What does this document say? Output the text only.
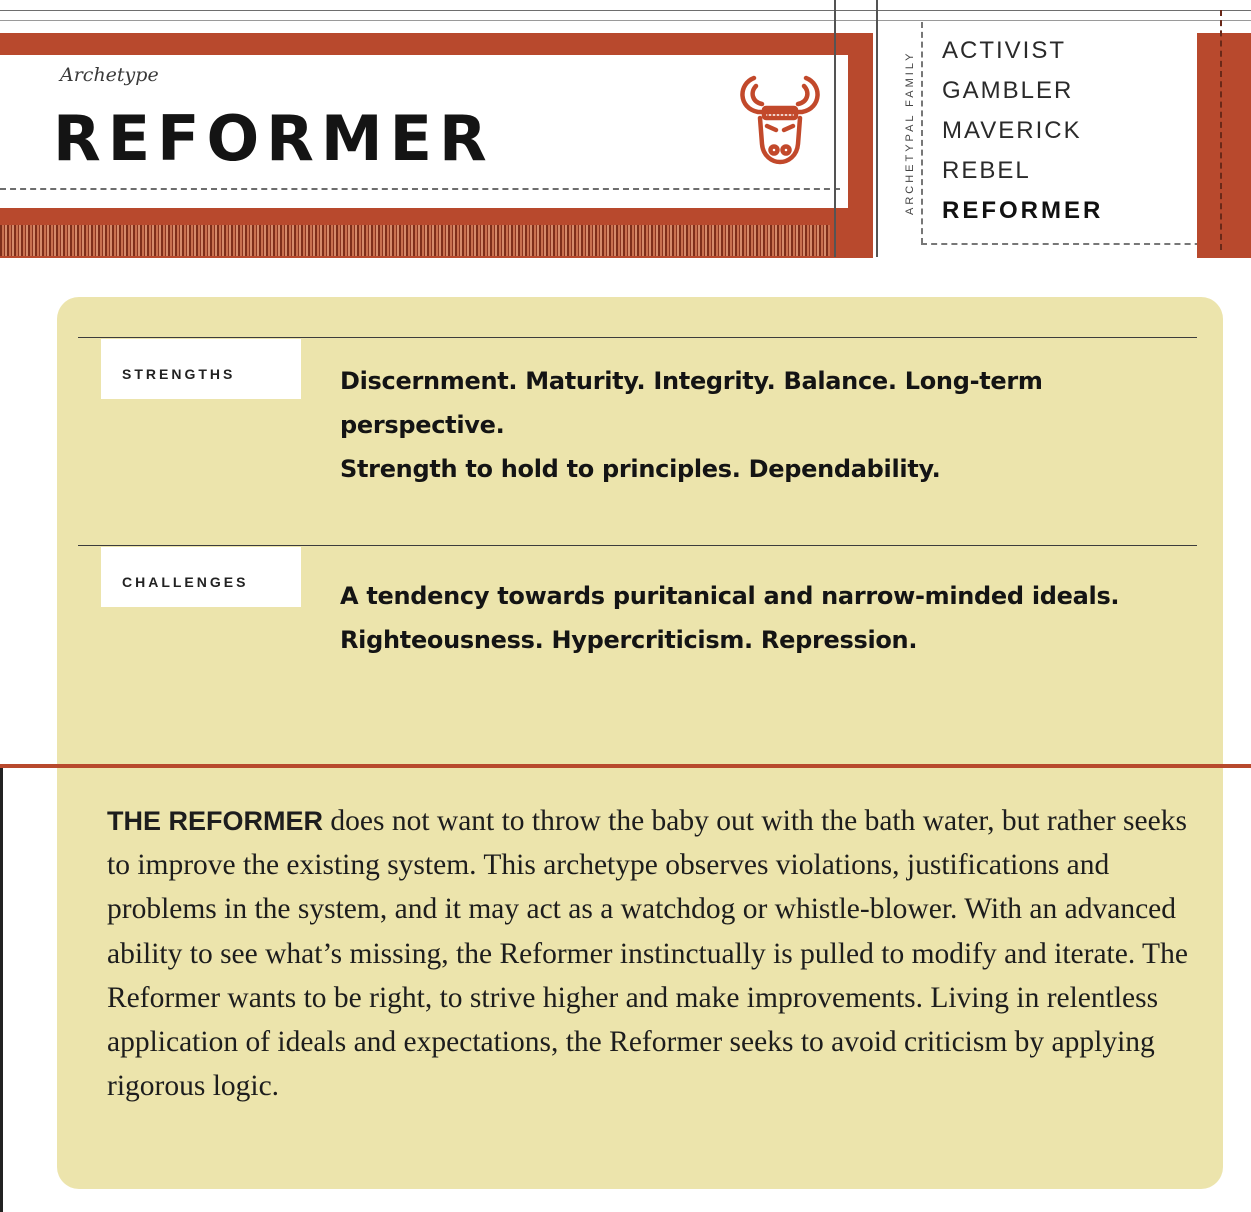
Archetype
REFORMER	ARCHETYPAL FAMILY ACTIVIST
GAMBLER
MAVERICK
REBEL
REFORMER
STRENGTHS	Discernment. Maturity. Integrity. Balance. Long-term perspective.
Strength to hold to principles. Dependability.
CHALLENGES	A tendency towards puritanical and narrow-minded ideals.
Righteousness. Hypercriticism. Repression.
THE REFORMER does not want to throw the baby out with the bath water, but rather seeks to improve the existing system. This archetype observes violations, justifications and problems in the system, and it may act as a watchdog or whistle-blower. With an advanced ability to see what’s missing, the Reformer instinctually is pulled to modify and iterate. The Reformer wants to be right, to strive higher and make improvements. Living in relentless application of ideals and expectations, the Reformer seeks to avoid criticism by applying rigorous logic.
